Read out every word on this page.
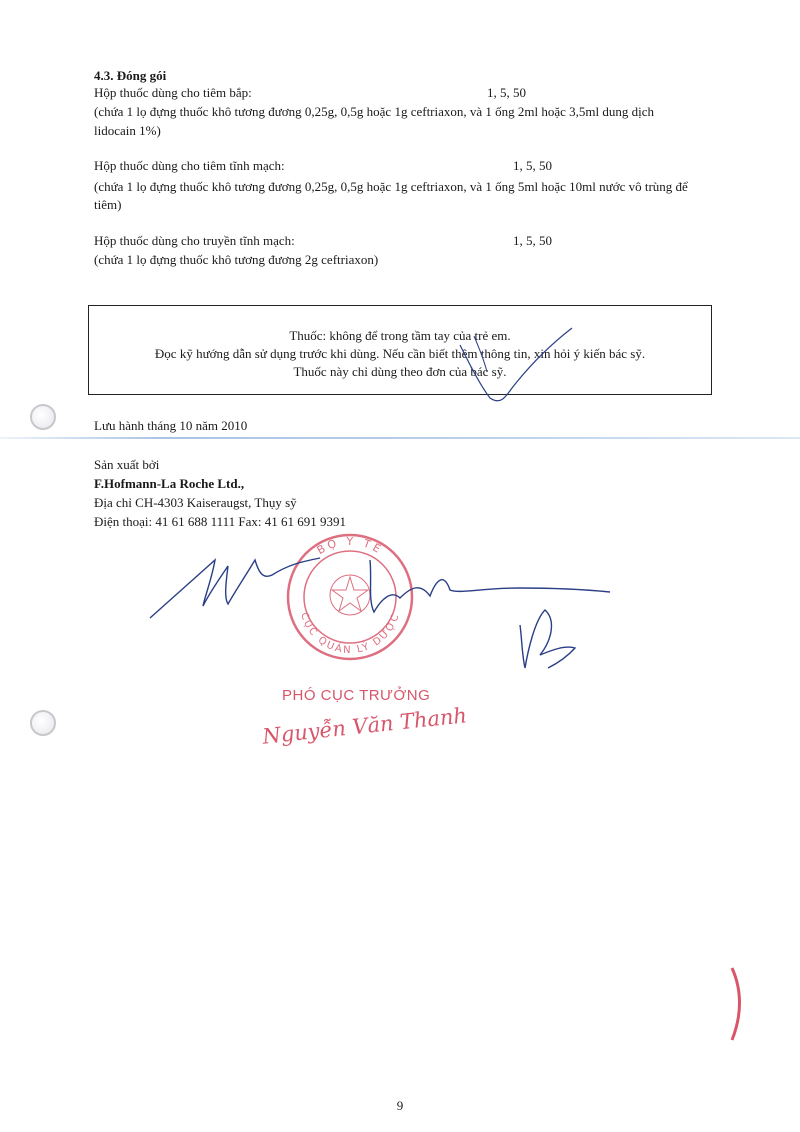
4.3. Đóng gói
Hộp thuốc dùng cho tiêm bắp:	1, 5, 50
(chứa 1 lọ đựng thuốc khô tương đương 0,25g, 0,5g hoặc 1g ceftriaxon, và 1 ống 2ml hoặc 3,5ml dung dịch
lidocain 1%)
Hộp thuốc dùng cho tiêm tĩnh mạch:	1, 5, 50
(chứa 1 lọ đựng thuốc khô tương đương 0,25g, 0,5g hoặc 1g ceftriaxon, và 1 ống 5ml hoặc 10ml nước vô trùng để
tiêm)
Hộp thuốc dùng cho truyền tĩnh mạch:	1, 5, 50
(chứa 1 lọ đựng thuốc khô tương đương 2g ceftriaxon)
Thuốc: không để trong tầm tay của trẻ em.
Đọc kỹ hướng dẫn sử dụng trước khi dùng. Nếu cần biết thêm thông tin, xin hỏi ý kiến bác sỹ.
Thuốc này chỉ dùng theo đơn của bác sỹ.
Lưu hành tháng 10 năm 2010
Sản xuất bởi
F.Hofmann-La Roche Ltd.,
Địa chỉ CH-4303 Kaiseraugst, Thụy sỹ
Điện thoại: 41 61 688 1111 Fax: 41 61 691 9391
BỘ Y TẾ
CỤC QUẢN LÝ DƯỢC
PHÓ CỤC TRƯỞNG
Nguyễn Văn Thanh
9
